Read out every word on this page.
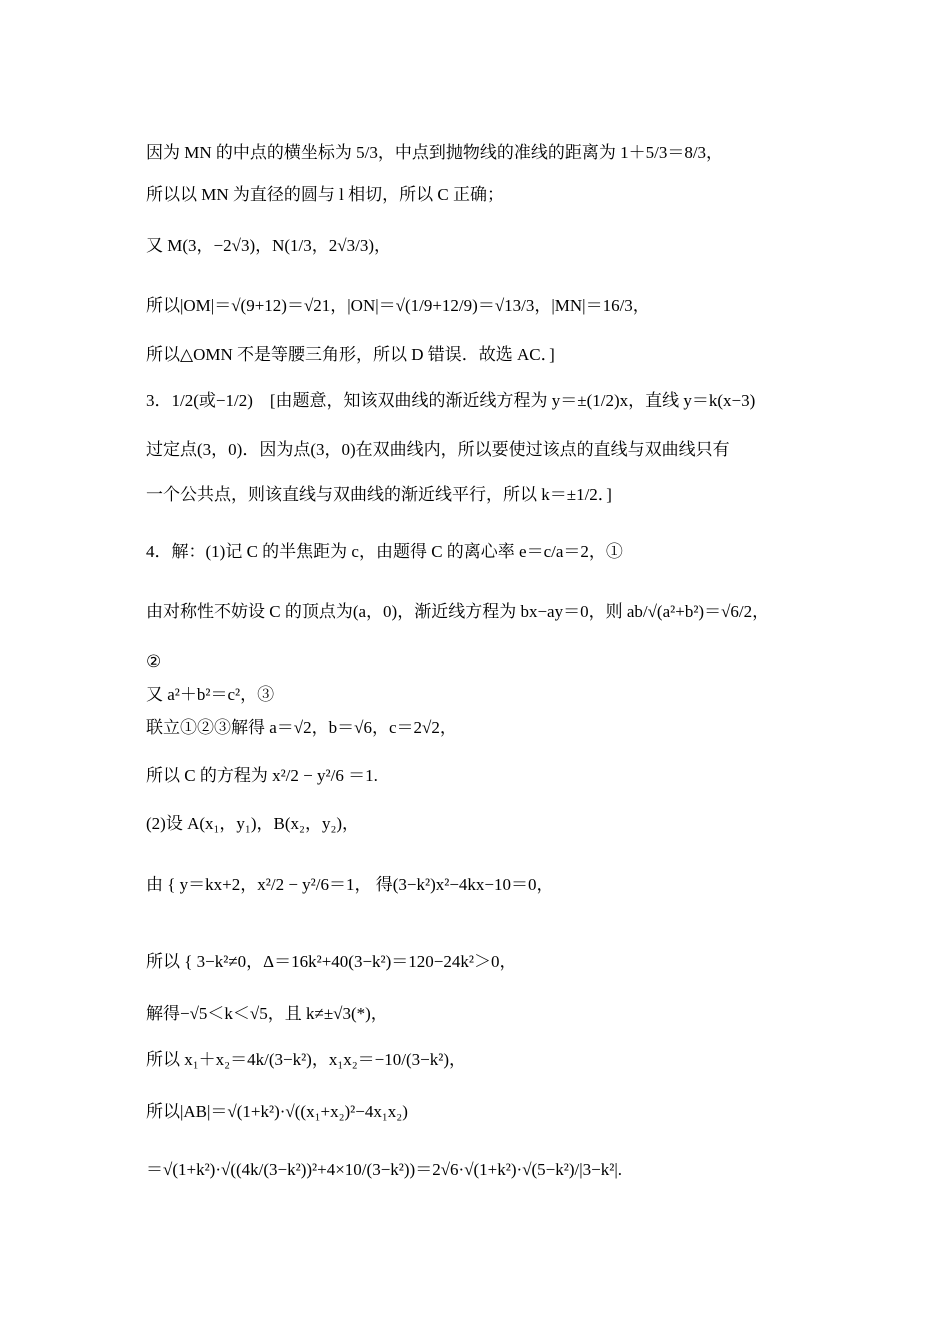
因为 MN 的中点的横坐标为 5/3，中点到抛物线的准线的距离为 1＋5/3＝8/3，
所以以 MN 为直径的圆与 l 相切，所以 C 正确；
又 M(3，−2√3)，N(1/3，2√3/3)，
所以|OM|＝√(9+12)＝√21，|ON|＝√(1/9+12/9)＝√13/3，|MN|＝16/3，
所以△OMN 不是等腰三角形，所以 D 错误．故选 AC．]
3．1/2(或−1/2)　[由题意，知该双曲线的渐近线方程为 y＝±(1/2)x，直线 y＝k(x−3)
过定点(3，0)．因为点(3，0)在双曲线内，所以要使过该点的直线与双曲线只有
一个公共点，则该直线与双曲线的渐近线平行，所以 k＝±1/2．]
4．解：(1)记 C 的半焦距为 c，由题得 C 的离心率 e＝c/a＝2，①
由对称性不妨设 C 的顶点为(a，0)，渐近线方程为 bx−ay＝0，则 ab/√(a²+b²)＝√6/2，
②
又 a²＋b²＝c²，③
联立①②③解得 a＝√2，b＝√6，c＝2√2，
所以 C 的方程为 x²/2 − y²/6 ＝1.
(2)设 A(x₁，y₁)，B(x₂，y₂)，
由 { y＝kx+2，x²/2 − y²/6＝1， 得(3−k²)x²−4kx−10＝0，
所以 { 3−k²≠0，Δ＝16k²+40(3−k²)＝120−24k²＞0，
解得−√5＜k＜√5，且 k≠±√3(*)，
所以 x₁＋x₂＝4k/(3−k²)，x₁x₂＝−10/(3−k²)，
所以|AB|＝√(1+k²)·√((x₁+x₂)²−4x₁x₂)
＝√(1+k²)·√((4k/(3−k²))²+4×10/(3−k²))＝2√6·√(1+k²)·√(5−k²)/|3−k²|.
